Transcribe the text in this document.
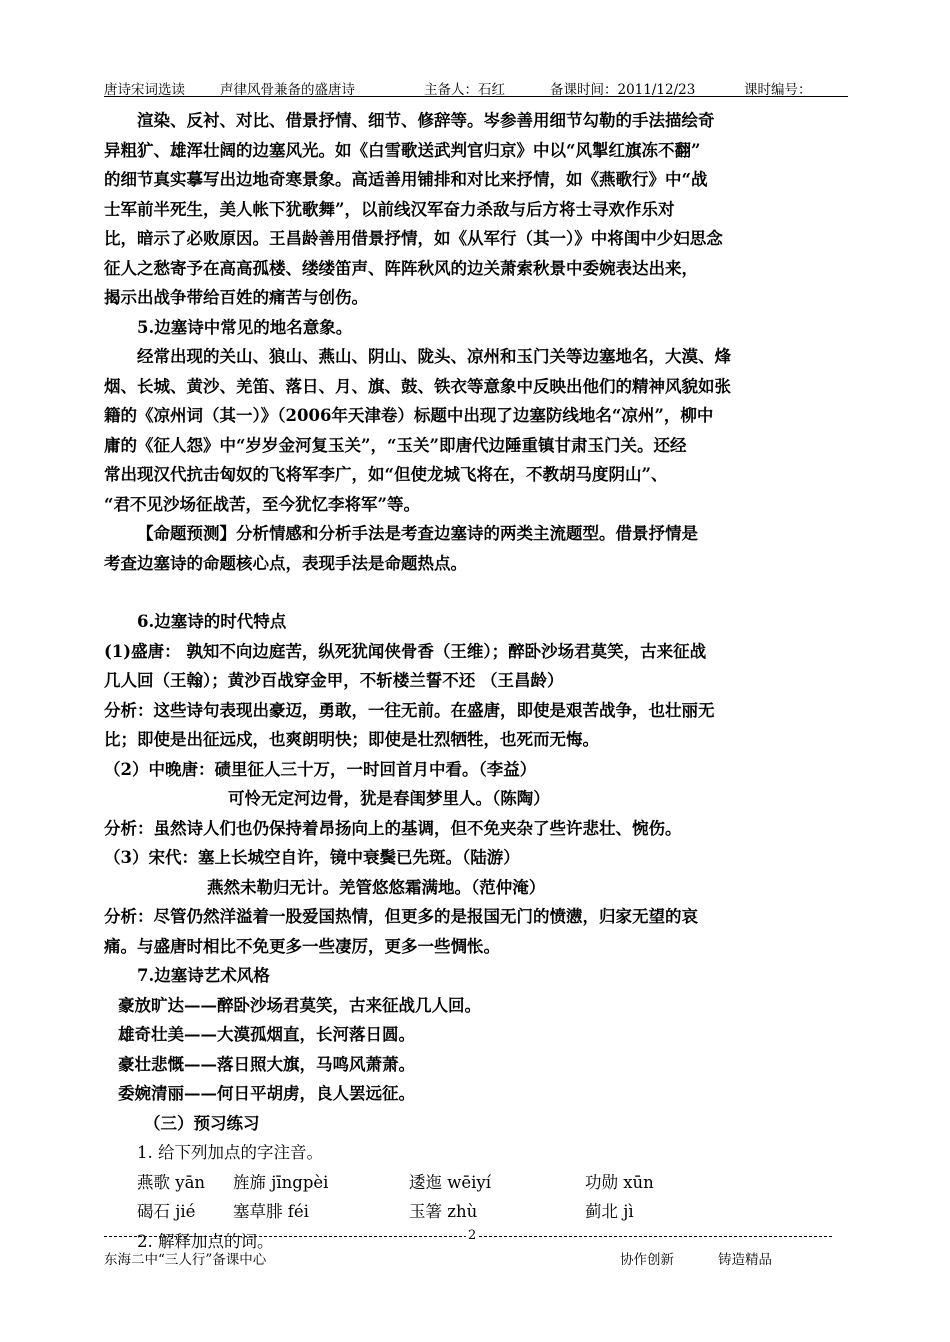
唐诗宋词选读	声律风骨兼备的盛唐诗	主备人：石红	备课时间：2011/12/23	课时编号：

渲染、反衬、对比、借景抒情、细节、修辞等。岑参善用细节勾勒的手法描绘奇

异粗犷、雄浑壮阔的边塞风光。如《白雪歌送武判官归京》中以“风掣红旗冻不翻”

的细节真实摹写出边地奇寒景象。高适善用铺排和对比来抒情，如《燕歌行》中“战

士军前半死生，美人帐下犹歌舞”，以前线汉军奋力杀敌与后方将士寻欢作乐对

比，暗示了必败原因。王昌龄善用借景抒情，如《从军行（其一）》中将闺中少妇思念

征人之愁寄予在高高孤楼、缕缕笛声、阵阵秋风的边关萧索秋景中委婉表达出来，

揭示出战争带给百姓的痛苦与创伤。

5.边塞诗中常见的地名意象。

经常出现的关山、狼山、燕山、阴山、陇头、凉州和玉门关等边塞地名，大漠、烽

烟、长城、黄沙、羌笛、落日、月、旗、鼓、铁衣等意象中反映出他们的精神风貌如张

籍的《凉州词（其一）》（2006年天津卷）标题中出现了边塞防线地名“凉州”，柳中

庸的《征人怨》中“岁岁金河复玉关”，“玉关”即唐代边陲重镇甘肃玉门关。还经

常出现汉代抗击匈奴的飞将军李广，如“但使龙城飞将在，不教胡马度阴山”、

“君不见沙场征战苦，至今犹忆李将军”等。

【命题预测】分析情感和分析手法是考查边塞诗的两类主流题型。借景抒情是

考查边塞诗的命题核心点，表现手法是命题热点。

6.边塞诗的时代特点

(1)盛唐： 孰知不向边庭苦，纵死犹闻侠骨香（王维）；醉卧沙场君莫笑，古来征战

几人回（王翰）；黄沙百战穿金甲，不斩楼兰誓不还 （王昌龄）

分析：这些诗句表现出豪迈，勇敢，一往无前。在盛唐，即使是艰苦战争，也壮丽无

比；即使是出征远戍，也爽朗明快；即使是壮烈牺牲，也死而无悔。

（2）中晚唐：碛里征人三十万，一时回首月中看。（李益）

可怜无定河边骨，犹是春闺梦里人。（陈陶）

分析：虽然诗人们也仍保持着昂扬向上的基调，但不免夹杂了些许悲壮、惋伤。

（3）宋代：塞上长城空自许，镜中衰鬓已先斑。（陆游）

燕然未勒归无计。羌管悠悠霜满地。（范仲淹）

分析：尽管仍然洋溢着一股爱国热情，但更多的是报国无门的愤懑，归家无望的哀

痛。与盛唐时相比不免更多一些凄厉，更多一些惆怅。

7.边塞诗艺术风格

豪放旷达——醉卧沙场君莫笑，古来征战几人回。

雄奇壮美——大漠孤烟直，长河落日圆。

豪壮悲慨——落日照大旗，马鸣风萧萧。

委婉清丽——何日平胡虏，良人罢远征。

（三）预习练习

1. 给下列加点的字注音。

燕歌 yān	旌旆 jīngpèi	逶迤 wēiyí	功勋 xūn
碣石 jié	塞草腓 féi	玉箸 zhù	蓟北 jì

2. 解释加点的词。	2
东海二中“三人行”备课中心	协作创新	铸造精品
